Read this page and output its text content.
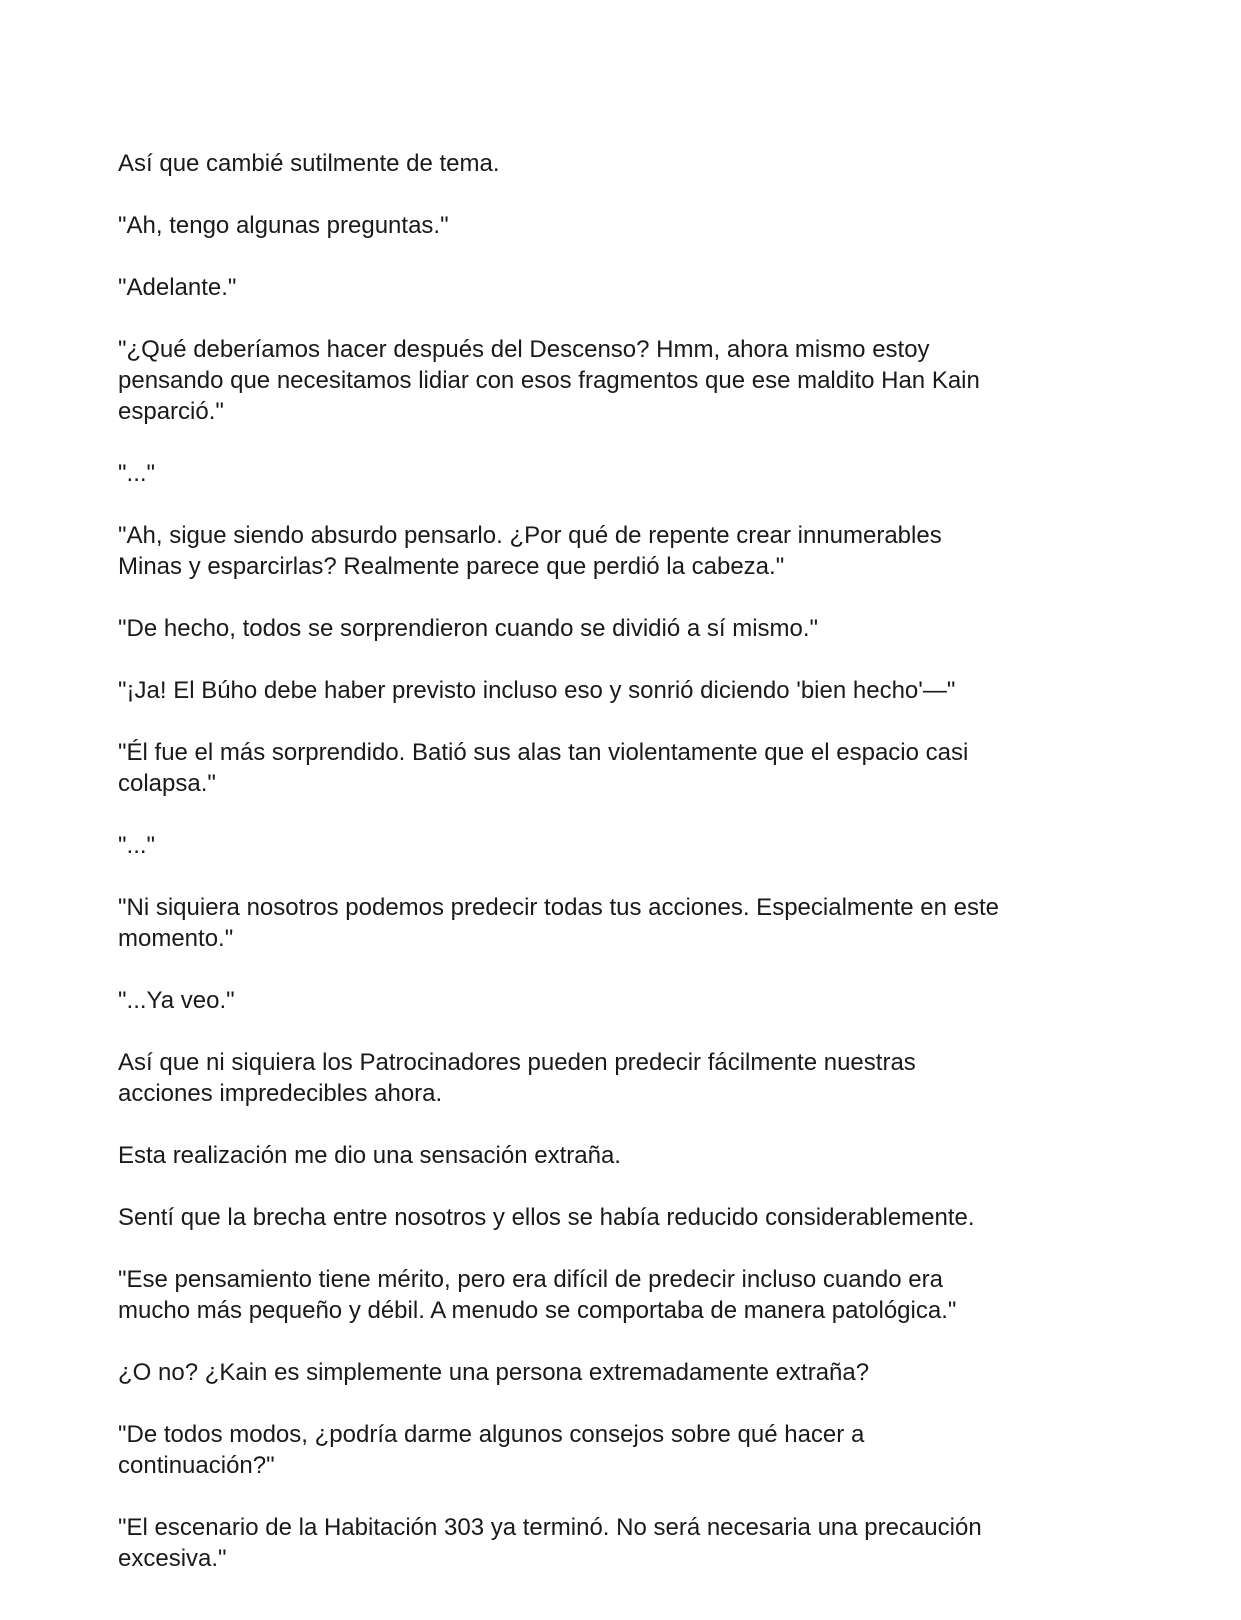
Así que cambié sutilmente de tema.

"Ah, tengo algunas preguntas."

"Adelante."

"¿Qué deberíamos hacer después del Descenso? Hmm, ahora mismo estoy
pensando que necesitamos lidiar con esos fragmentos que ese maldito Han Kain
esparció."

"..."

"Ah, sigue siendo absurdo pensarlo. ¿Por qué de repente crear innumerables
Minas y esparcirlas? Realmente parece que perdió la cabeza."

"De hecho, todos se sorprendieron cuando se dividió a sí mismo."

"¡Ja! El Búho debe haber previsto incluso eso y sonrió diciendo 'bien hecho'—"

"Él fue el más sorprendido. Batió sus alas tan violentamente que el espacio casi
colapsa."

"..."

"Ni siquiera nosotros podemos predecir todas tus acciones. Especialmente en este
momento."

"...Ya veo."

Así que ni siquiera los Patrocinadores pueden predecir fácilmente nuestras
acciones impredecibles ahora.

Esta realización me dio una sensación extraña.

Sentí que la brecha entre nosotros y ellos se había reducido considerablemente.

"Ese pensamiento tiene mérito, pero era difícil de predecir incluso cuando era
mucho más pequeño y débil. A menudo se comportaba de manera patológica."

¿O no? ¿Kain es simplemente una persona extremadamente extraña?

"De todos modos, ¿podría darme algunos consejos sobre qué hacer a
continuación?"

"El escenario de la Habitación 303 ya terminó. No será necesaria una precaución
excesiva."
